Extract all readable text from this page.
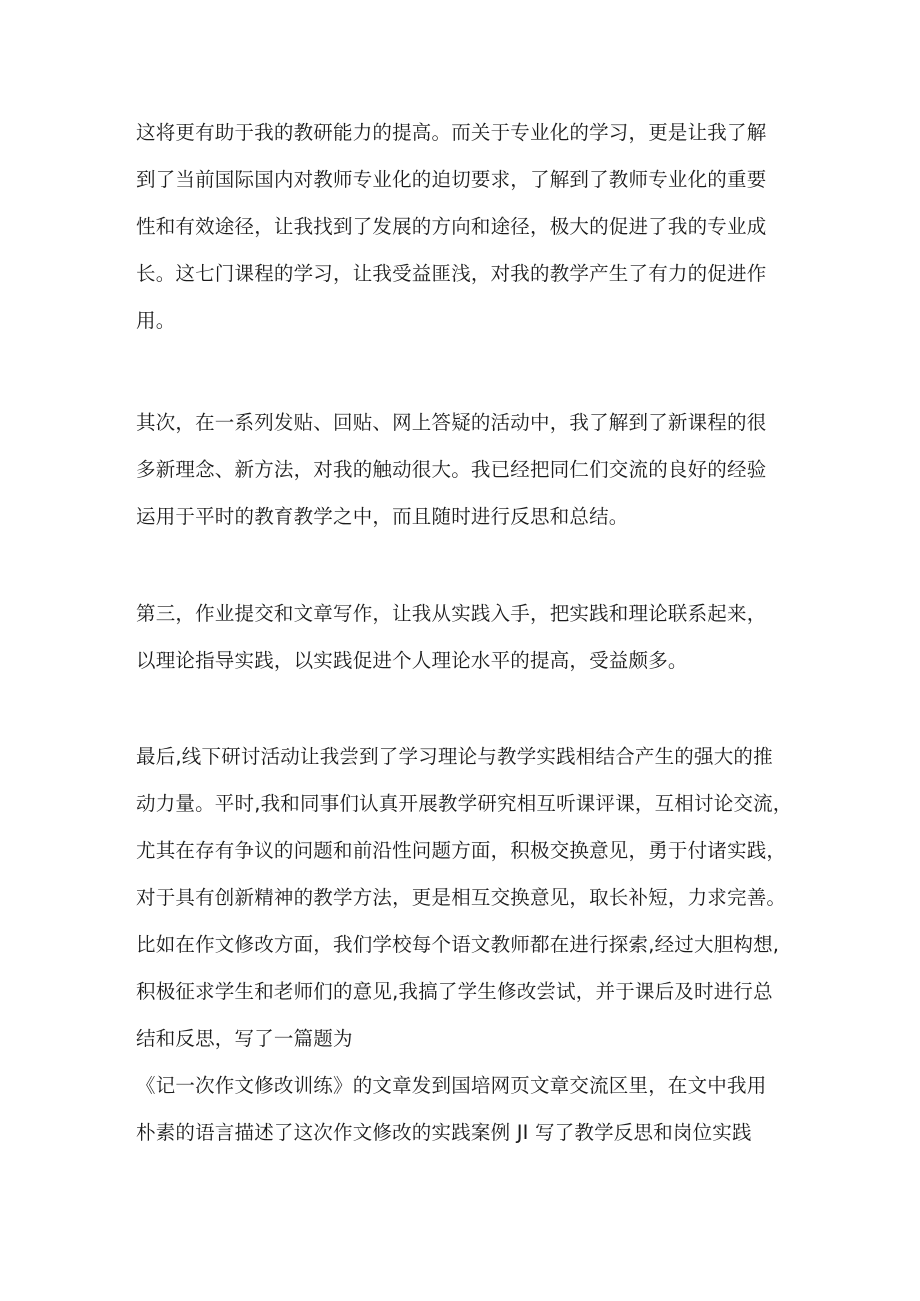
这将更有助于我的教研能力的提高。而关于专业化的学习，更是让我了解
到了当前国际国内对教师专业化的迫切要求，了解到了教师专业化的重要
性和有效途径，让我找到了发展的方向和途径，极大的促进了我的专业成
长。这七门课程的学习，让我受益匪浅，对我的教学产生了有力的促进作
用。
其次，在一系列发贴、回贴、网上答疑的活动中，我了解到了新课程的很
多新理念、新方法，对我的触动很大。我已经把同仁们交流的良好的经验
运用于平时的教育教学之中，而且随时进行反思和总结。
第三，作业提交和文章写作，让我从实践入手，把实践和理论联系起来，
以理论指导实践，以实践促进个人理论水平的提高，受益颇多。
最后,线下研讨活动让我尝到了学习理论与教学实践相结合产生的强大的推
动力量。平时,我和同事们认真开展教学研究相互听课评课，互相讨论交流，
尤其在存有争议的问题和前沿性问题方面，积极交换意见，勇于付诸实践，
对于具有创新精神的教学方法，更是相互交换意见，取长补短，力求完善。
比如在作文修改方面，我们学校每个语文教师都在进行探索,经过大胆构想,
积极征求学生和老师们的意见,我搞了学生修改尝试，并于课后及时进行总
结和反思，写了一篇题为
《记一次作文修改训练》的文章发到国培网页文章交流区里，在文中我用
朴素的语言描述了这次作文修改的实践案例 JI 写了教学反思和岗位实践
